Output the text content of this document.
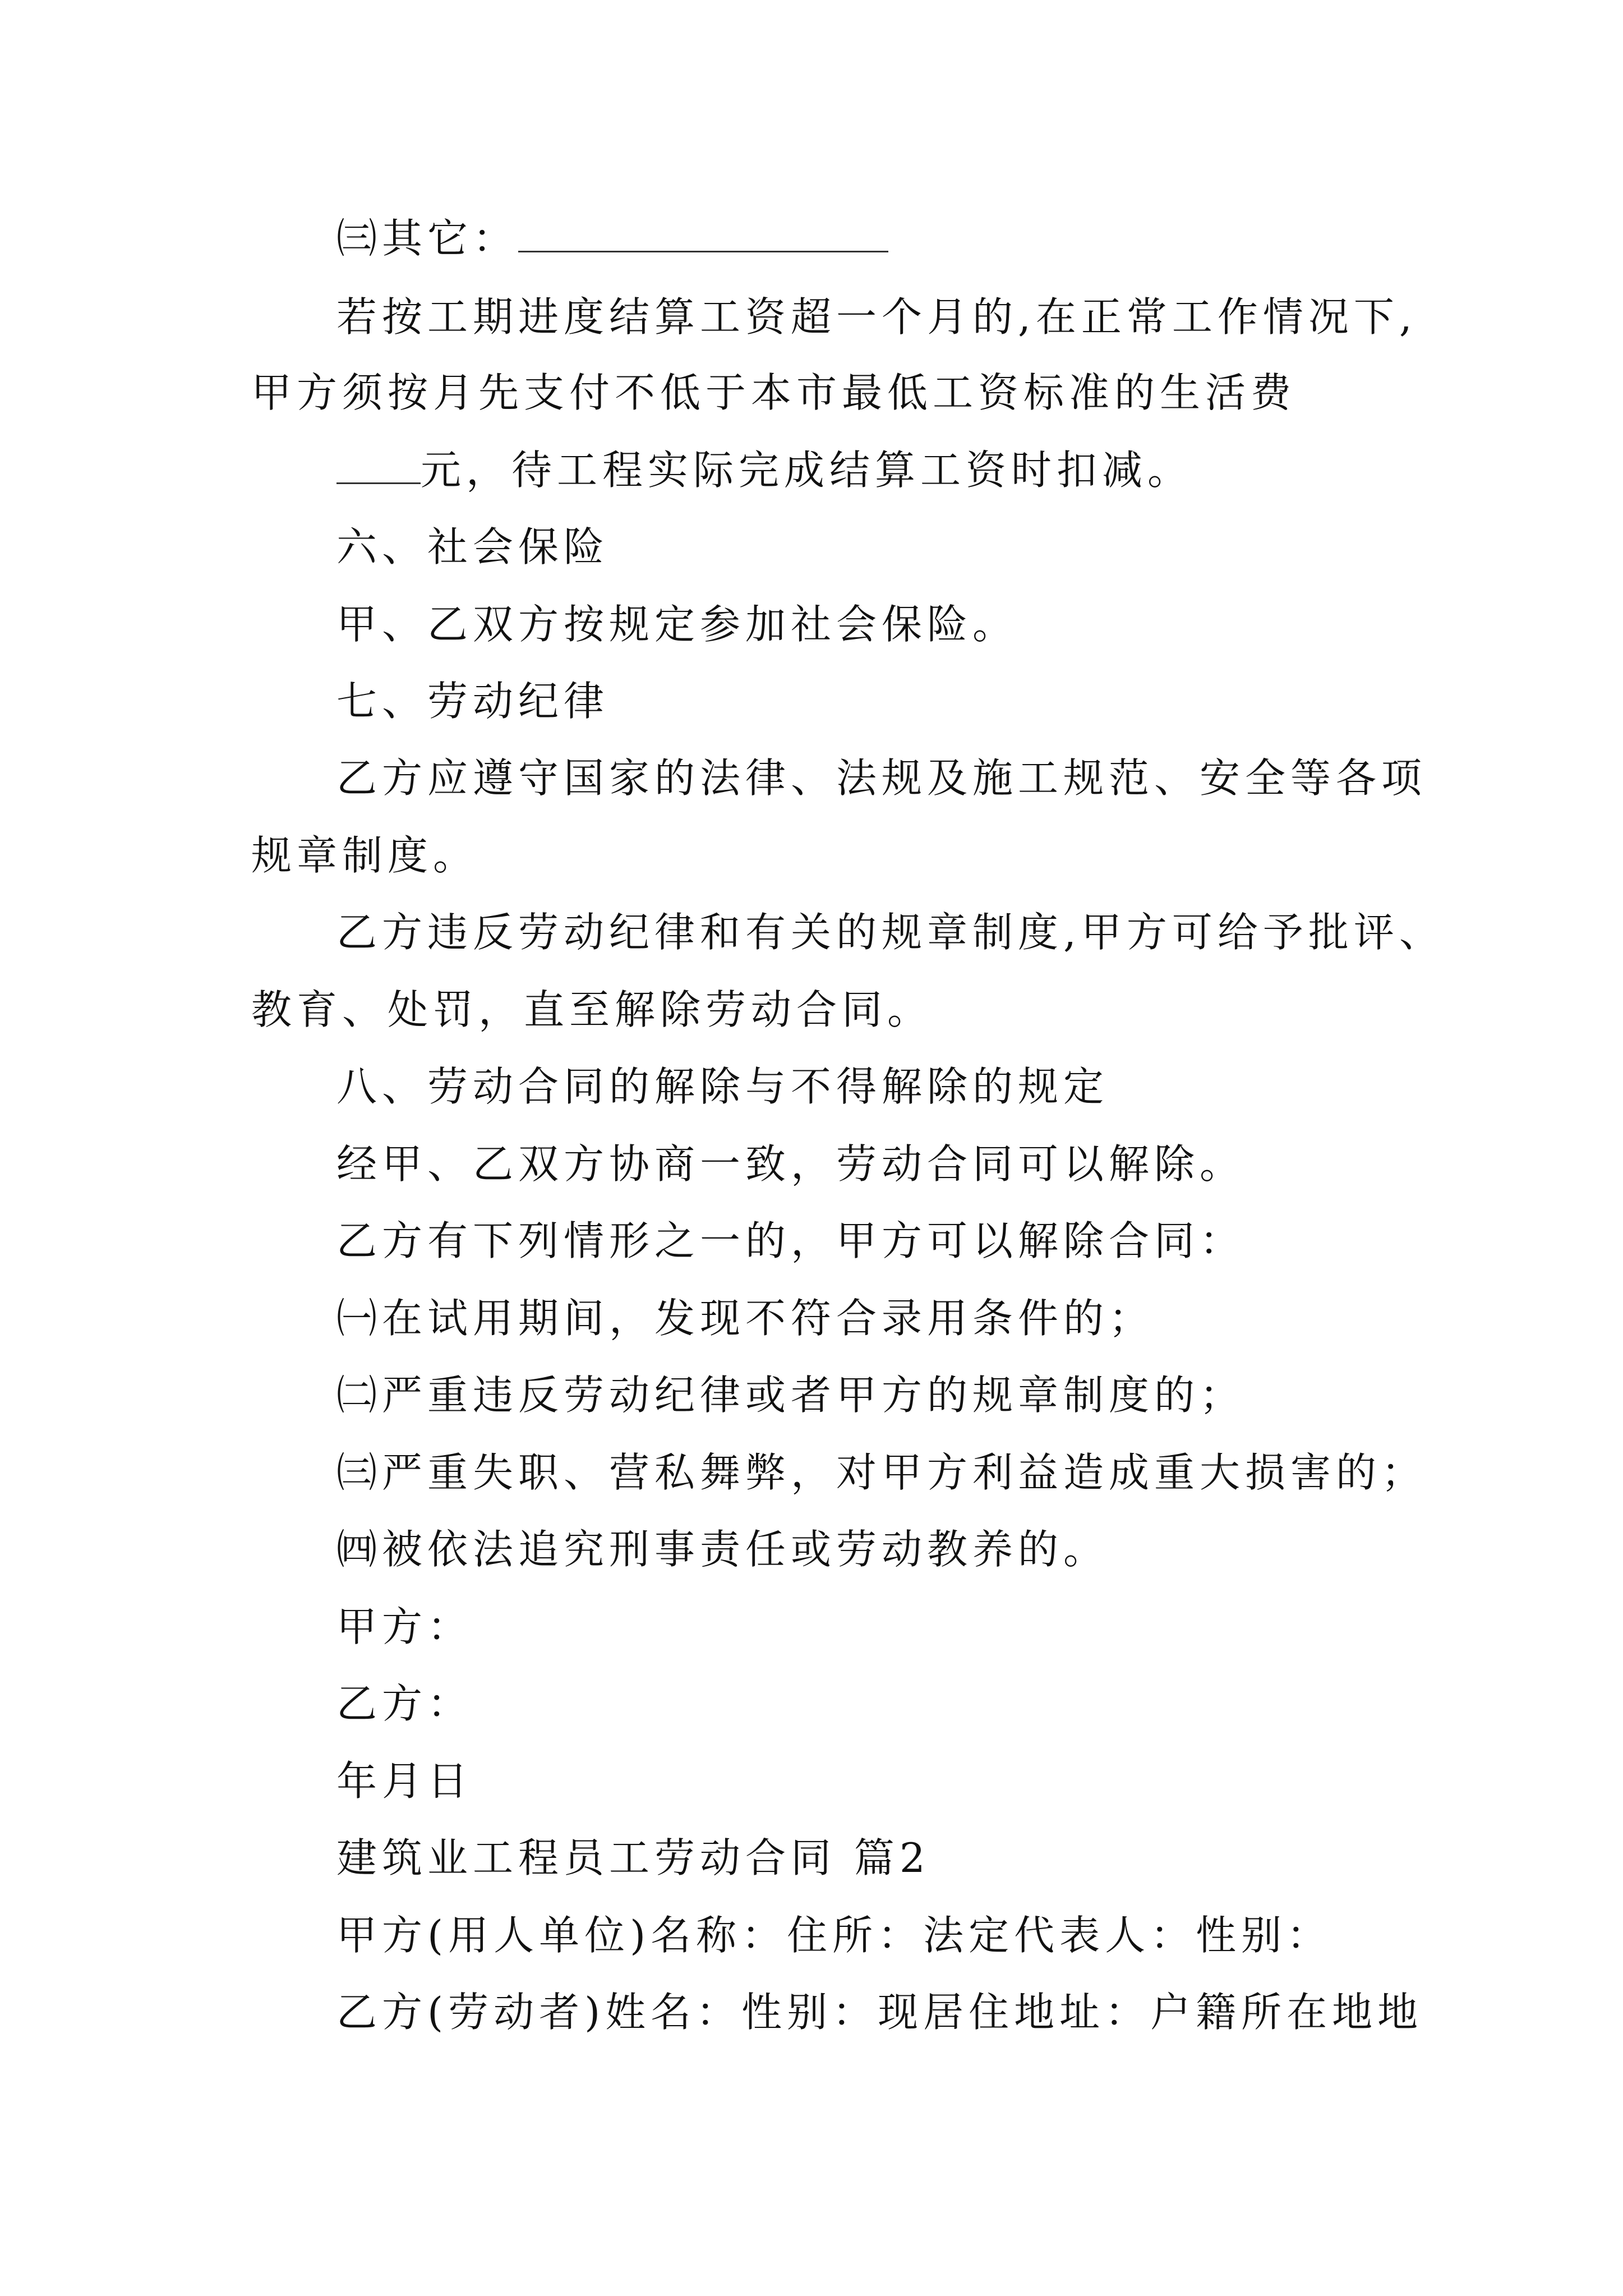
㈢其它：
若按工期进度结算工资超一个月的,在正常工作情况下,
甲方须按月先支付不低于本市最低工资标准的生活费
元，待工程实际完成结算工资时扣减。
六、社会保险
甲、乙双方按规定参加社会保险。
七、劳动纪律
乙方应遵守国家的法律、法规及施工规范、安全等各项
规章制度。
乙方违反劳动纪律和有关的规章制度,甲方可给予批评、
教育、处罚，直至解除劳动合同。
八、劳动合同的解除与不得解除的规定
经甲、乙双方协商一致，劳动合同可以解除。
乙方有下列情形之一的，甲方可以解除合同：
㈠在试用期间，发现不符合录用条件的；
㈡严重违反劳动纪律或者甲方的规章制度的；
㈢严重失职、营私舞弊，对甲方利益造成重大损害的；
㈣被依法追究刑事责任或劳动教养的。
甲方：
乙方：
年月日
建筑业工程员工劳动合同 篇2
甲方(用人单位)名称：住所：法定代表人：性别：
乙方(劳动者)姓名：性别：现居住地址：户籍所在地地
